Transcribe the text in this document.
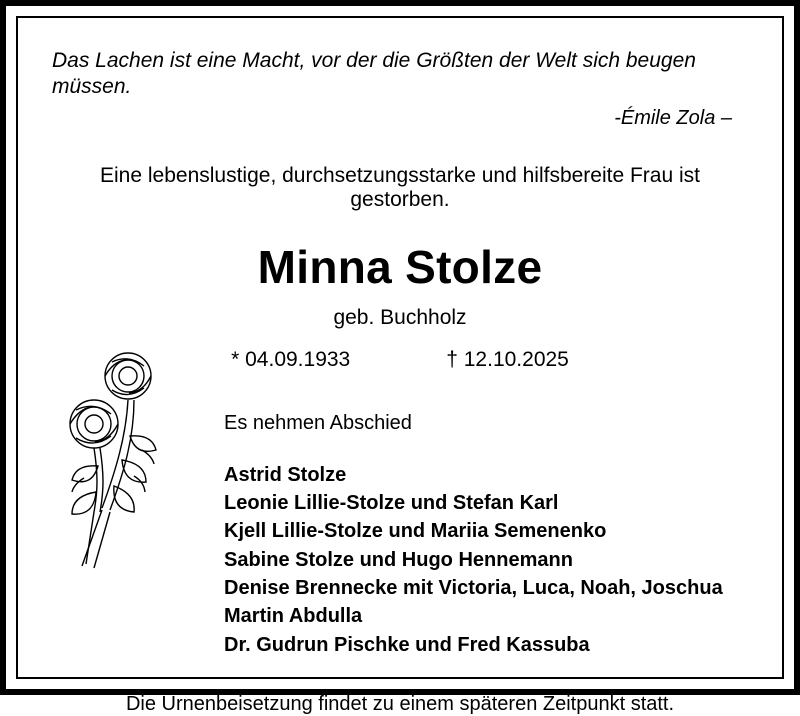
Das Lachen ist eine Macht, vor der die Größten der Welt sich beugen müssen.
-Émile Zola –
Eine lebenslustige, durchsetzungsstarke und hilfsbereite Frau ist gestorben.
Minna Stolze
geb. Buchholz
* 04.09.1933	† 12.10.2025
Es nehmen Abschied
Astrid Stolze
Leonie Lillie-Stolze und Stefan Karl
Kjell Lillie-Stolze und Mariia Semenenko
Sabine Stolze und Hugo Hennemann
Denise Brennecke mit Victoria, Luca, Noah, Joschua
Martin Abdulla
Dr. Gudrun Pischke und Fred Kassuba
Die Urnenbeisetzung findet zu einem späteren Zeitpunkt statt.
